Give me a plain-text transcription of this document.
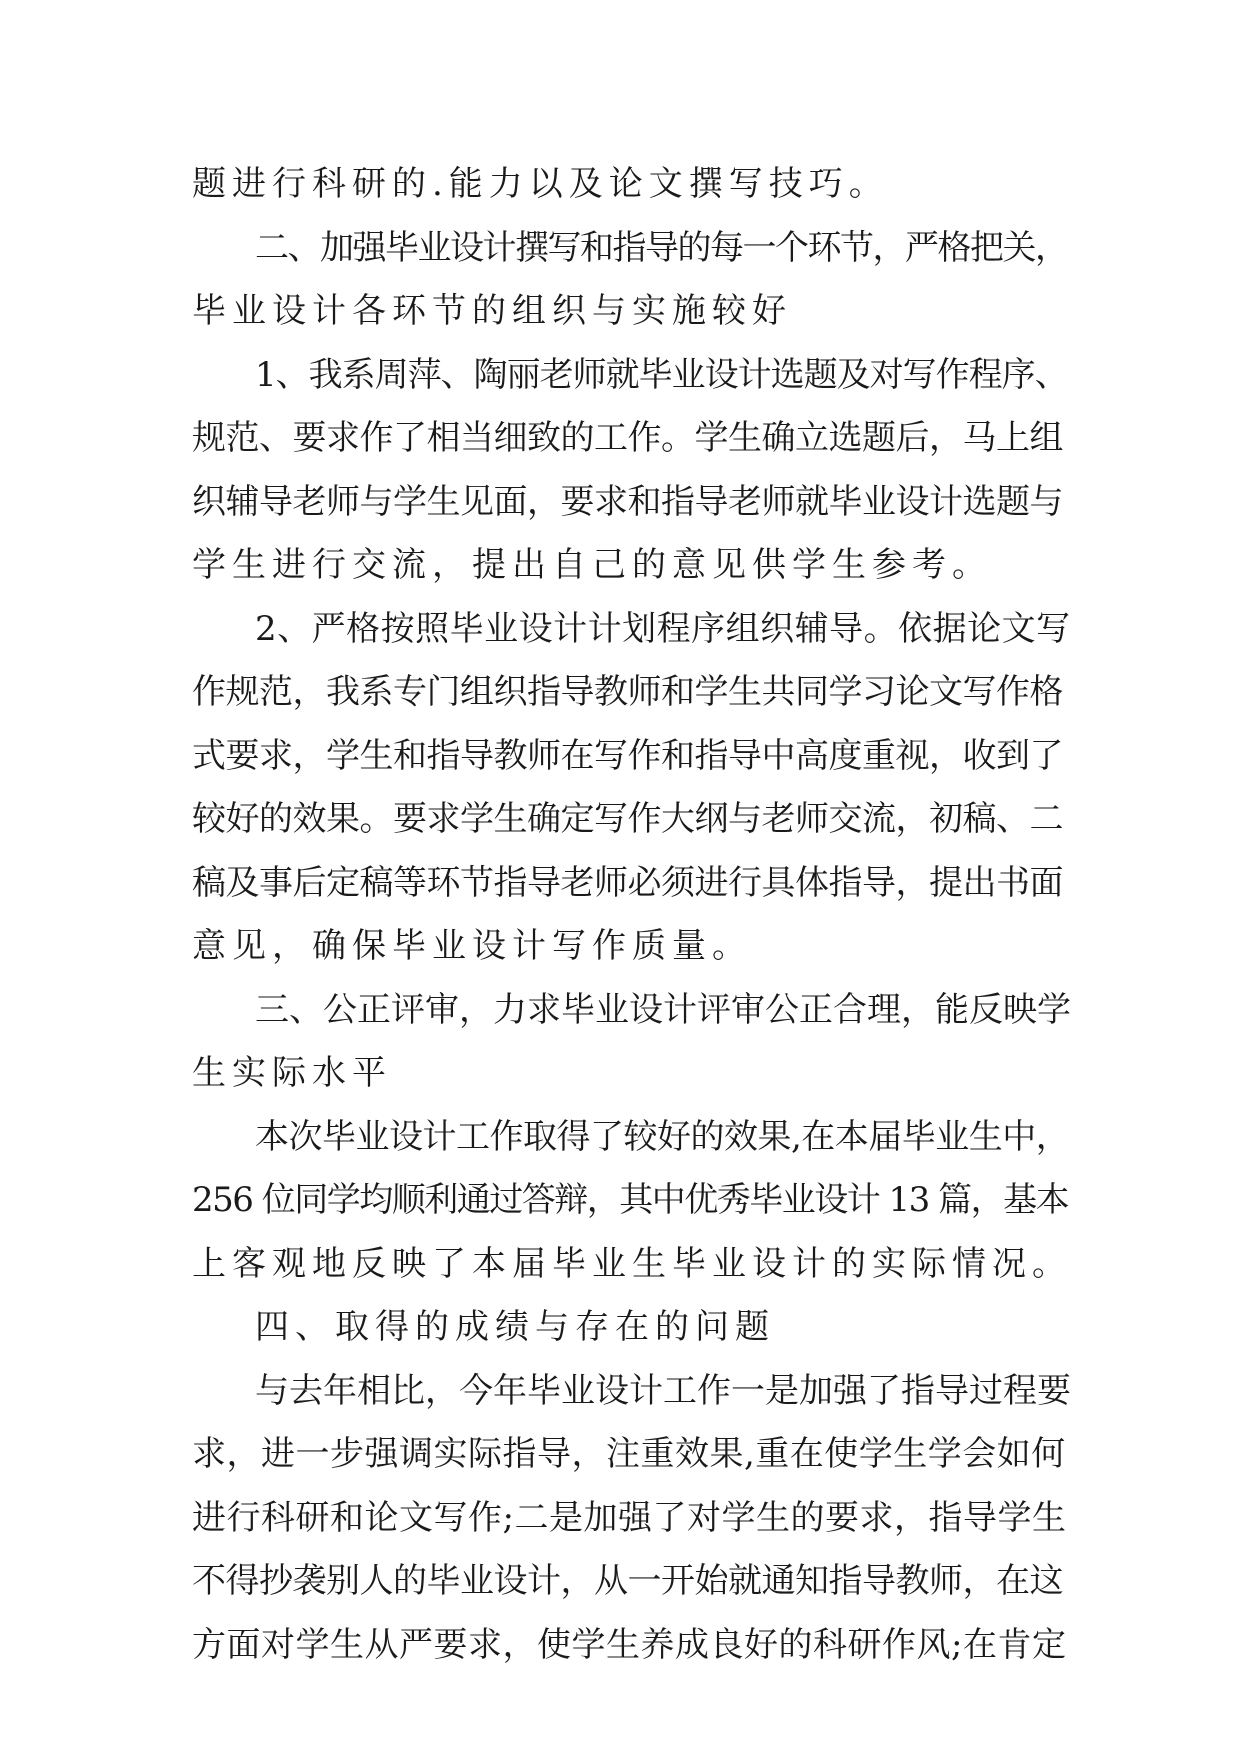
题进行科研的.能力以及论文撰写技巧。
二、加强毕业设计撰写和指导的每一个环节，严格把关，
毕业设计各环节的组织与实施较好
1、我系周萍、陶丽老师就毕业设计选题及对写作程序、
规范、要求作了相当细致的工作。学生确立选题后，马上组
织辅导老师与学生见面，要求和指导老师就毕业设计选题与
学生进行交流，提出自己的意见供学生参考。
2、严格按照毕业设计计划程序组织辅导。依据论文写
作规范，我系专门组织指导教师和学生共同学习论文写作格
式要求，学生和指导教师在写作和指导中高度重视，收到了
较好的效果。要求学生确定写作大纲与老师交流，初稿、二
稿及事后定稿等环节指导老师必须进行具体指导，提出书面
意见，确保毕业设计写作质量。
三、公正评审，力求毕业设计评审公正合理，能反映学
生实际水平
本次毕业设计工作取得了较好的效果,在本届毕业生中，
256 位同学均顺利通过答辩，其中优秀毕业设计 13 篇，基本
上客观地反映了本届毕业生毕业设计的实际情况。
四、取得的成绩与存在的问题
与去年相比，今年毕业设计工作一是加强了指导过程要
求，进一步强调实际指导，注重效果,重在使学生学会如何
进行科研和论文写作;二是加强了对学生的要求，指导学生
不得抄袭别人的毕业设计，从一开始就通知指导教师，在这
方面对学生从严要求，使学生养成良好的科研作风;在肯定
